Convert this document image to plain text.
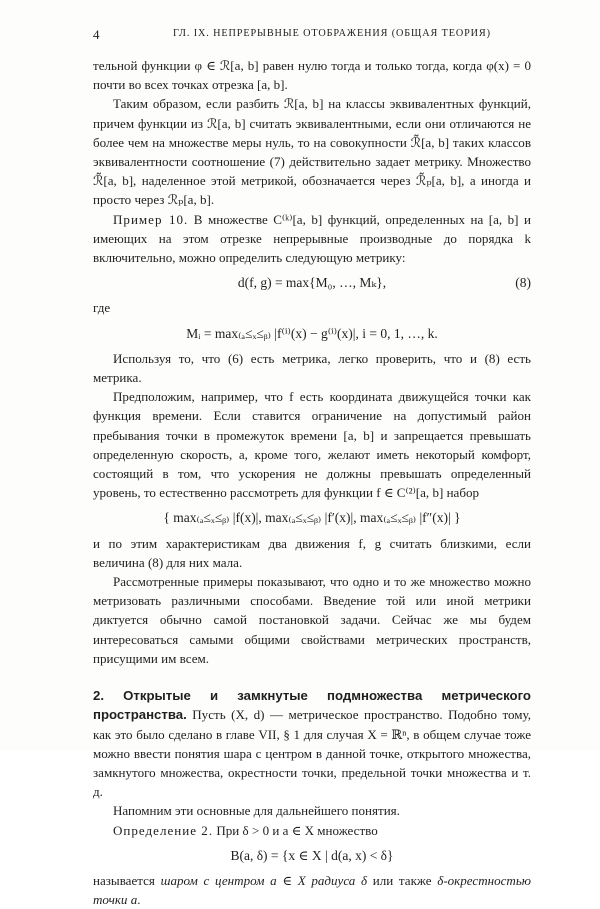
4	ГЛ. IX. НЕПРЕРЫВНЫЕ ОТОБРАЖЕНИЯ (ОБЩАЯ ТЕОРИЯ)

тельной функции φ ∈ ℛ[a, b] равен нулю тогда и только тогда, когда φ(x) = 0 почти во всех точках отрезка [a, b].

Таким образом, если разбить ℛ[a, b] на классы эквивалентных функций, причем функции из ℛ[a, b] считать эквивалентными, если они отличаются не более чем на множестве меры нуль, то на совокупности ℛ̃[a, b] таких классов эквивалентности соотношение (7) действительно задает метрику. Множество ℛ̃[a, b], наделенное этой метрикой, обозначается через ℛ̃ₚ[a, b], а иногда и просто через ℛₚ[a, b].

Пример 10. В множестве C⁽ᵏ⁾[a, b] функций, определенных на [a, b] и имеющих на этом отрезке непрерывные производные до порядка k включительно, можно определить следующую метрику:

d(f, g) = max{M₀, …, Mₖ},	(8)

где

Mᵢ = max₍ₐ≤ₓ≤ᵦ₎ |f⁽ⁱ⁾(x) − g⁽ⁱ⁾(x)|, i = 0, 1, …, k.

Используя то, что (6) есть метрика, легко проверить, что и (8) есть метрика.

Предположим, например, что f есть координата движущейся точки как функция времени. Если ставится ограничение на допустимый район пребывания точки в промежуток времени [a, b] и запрещается превышать определенную скорость, а, кроме того, желают иметь некоторый комфорт, состоящий в том, что ускорения не должны превышать определенный уровень, то естественно рассмотреть для функции f ∈ C⁽²⁾[a, b] набор

{ max₍ₐ≤ₓ≤ᵦ₎ |f(x)|, max₍ₐ≤ₓ≤ᵦ₎ |f′(x)|, max₍ₐ≤ₓ≤ᵦ₎ |f″(x)| }

и по этим характеристикам два движения f, g считать близкими, если величина (8) для них мала.

Рассмотренные примеры показывают, что одно и то же множество можно метризовать различными способами. Введение той или иной метрики диктуется обычно самой постановкой задачи. Сейчас же мы будем интересоваться самыми общими свойствами метрических пространств, присущими им всем.

2. Открытые и замкнутые подмножества метрического пространства. Пусть (X, d) — метрическое пространство. Подобно тому, как это было сделано в главе VII, § 1 для случая X = ℝⁿ, в общем случае тоже можно ввести понятия шара с центром в данной точке, открытого множества, замкнутого множества, окрестности точки, предельной точки множества и т. д.

Напомним эти основные для дальнейшего понятия.

Определение 2. При δ > 0 и a ∈ X множество

B(a, δ) = {x ∈ X | d(a, x) < δ}

называется шаром с центром a ∈ X радиуса δ или также δ-окрестностью точки a.
